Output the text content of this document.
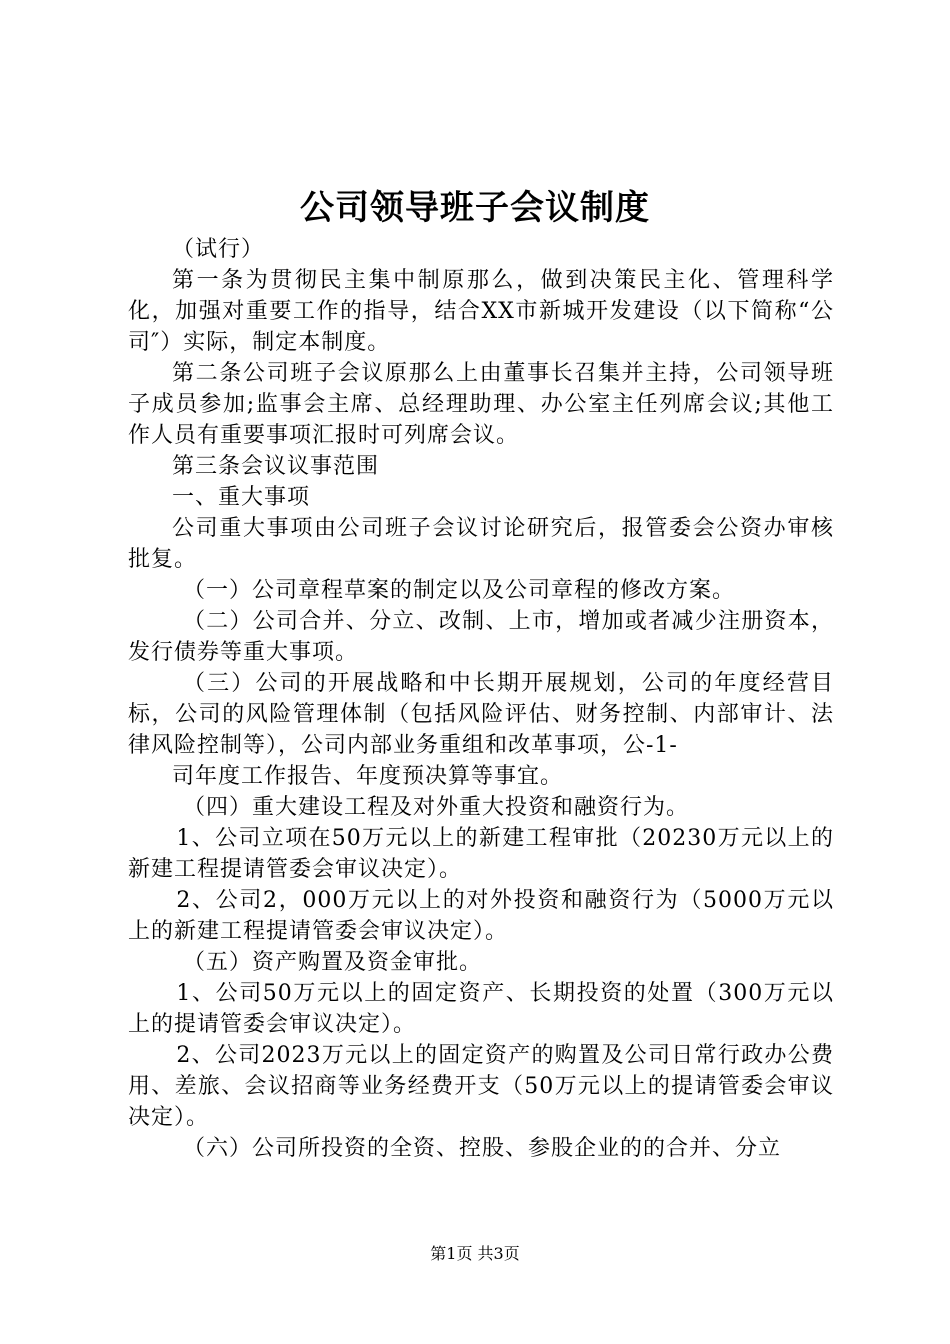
公司领导班子会议制度

（试行）

第一条为贯彻民主集中制原那么，做到决策民主化、管理科学化，加强对重要工作的指导，结合XX市新城开发建设（以下简称“公司″）实际，制定本制度。

第二条公司班子会议原那么上由董事长召集并主持，公司领导班子成员参加;监事会主席、总经理助理、办公室主任列席会议;其他工作人员有重要事项汇报时可列席会议。

第三条会议议事范围

一、重大事项

公司重大事项由公司班子会议讨论研究后，报管委会公资办审核批复。

（一）公司章程草案的制定以及公司章程的修改方案。

（二）公司合并、分立、改制、上市，增加或者减少注册资本，发行债券等重大事项。

（三）公司的开展战略和中长期开展规划，公司的年度经营目标，公司的风险管理体制（包括风险评估、财务控制、内部审计、法律风险控制等），公司内部业务重组和改革事项，公-1-

司年度工作报告、年度预决算等事宜。

（四）重大建设工程及对外重大投资和融资行为。

1、公司立项在50万元以上的新建工程审批（20230万元以上的新建工程提请管委会审议决定）。

2、公司2，000万元以上的对外投资和融资行为（5000万元以上的新建工程提请管委会审议决定）。

（五）资产购置及资金审批。

1、公司50万元以上的固定资产、长期投资的处置（300万元以上的提请管委会审议决定）。

2、公司2023万元以上的固定资产的购置及公司日常行政办公费用、差旅、会议招商等业务经费开支（50万元以上的提请管委会审议决定）。

（六）公司所投资的全资、控股、参股企业的的合并、分立

第1页 共3页
